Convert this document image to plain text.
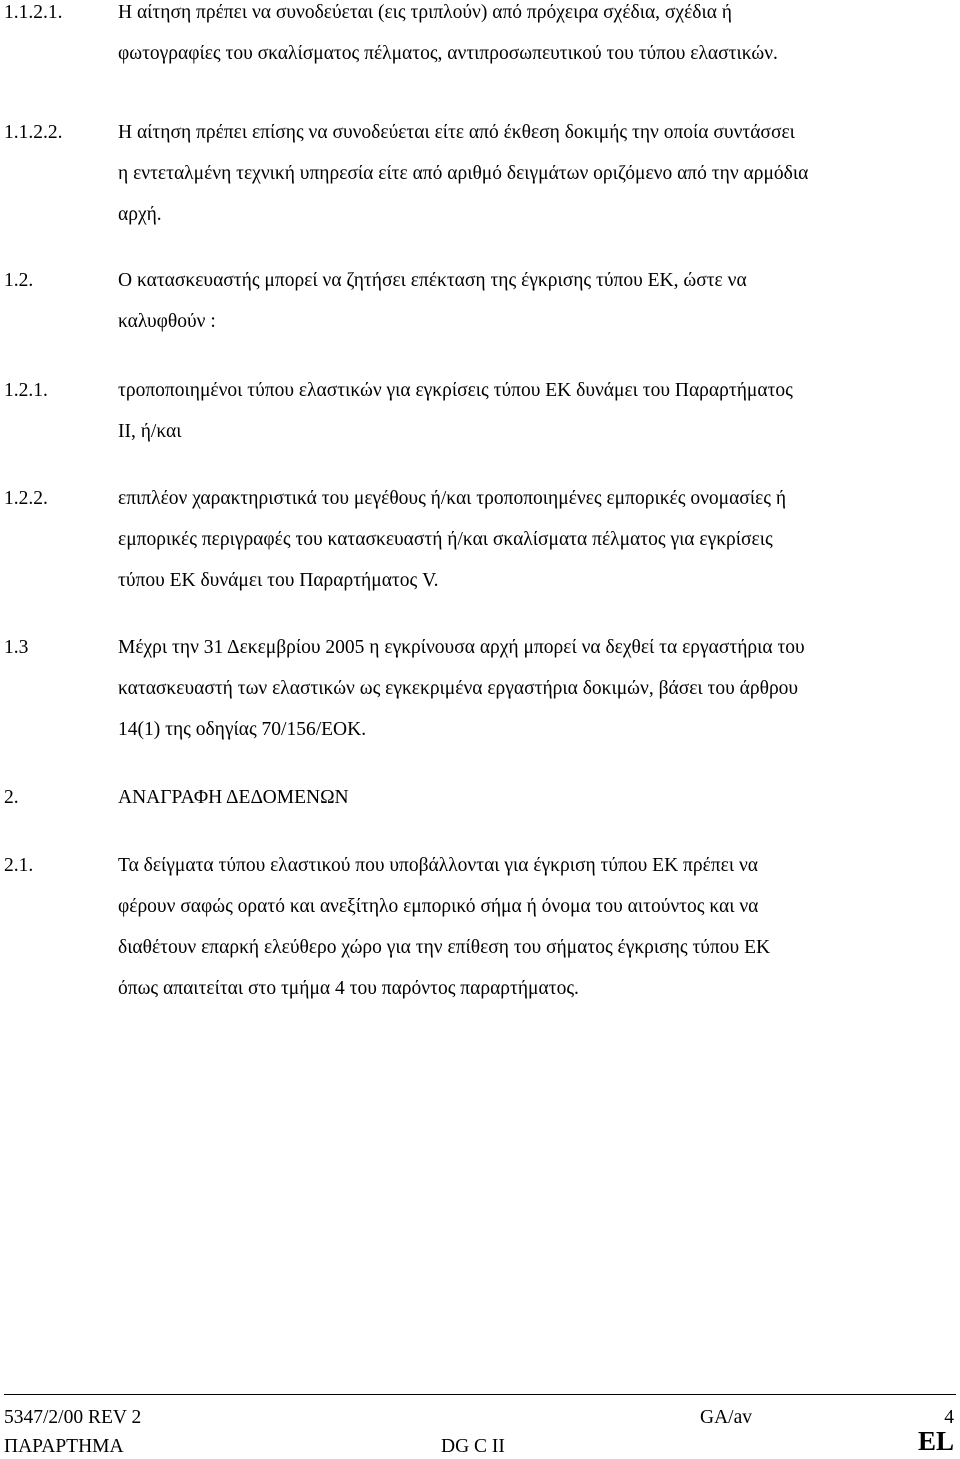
1.1.2.1.	Η αίτηση πρέπει να συνοδεύεται (εις τριπλούν) από πρόχειρα σχέδια, σχέδια ή
φωτογραφίες του σκαλίσματος πέλματος, αντιπροσωπευτικού του τύπου ελαστικών.
1.1.2.2.	Η αίτηση πρέπει επίσης να συνοδεύεται είτε από έκθεση δοκιμής την οποία συντάσσει
η εντεταλμένη τεχνική υπηρεσία είτε από αριθμό δειγμάτων οριζόμενο από την αρμόδια
αρχή.
1.2.	Ο κατασκευαστής μπορεί να ζητήσει επέκταση της έγκρισης τύπου ΕΚ, ώστε να
καλυφθούν :
1.2.1.	τροποποιημένοι τύπου ελαστικών για εγκρίσεις τύπου ΕΚ δυνάμει του Παραρτήματος
ΙΙ, ή/και
1.2.2.	επιπλέον χαρακτηριστικά του μεγέθους ή/και τροποποιημένες εμπορικές ονομασίες ή
εμπορικές περιγραφές του κατασκευαστή ή/και σκαλίσματα πέλματος για εγκρίσεις
τύπου ΕΚ δυνάμει του Παραρτήματος V.
1.3	Μέχρι την 31 Δεκεμβρίου 2005 η εγκρίνουσα αρχή μπορεί να δεχθεί τα εργαστήρια του
κατασκευαστή των ελαστικών ως εγκεκριμένα εργαστήρια δοκιμών, βάσει του άρθρου
14(1) της οδηγίας 70/156/ΕΟΚ.
2.	ΑΝΑΓΡΑΦΗ ΔΕΔΟΜΕΝΩΝ
2.1.	Τα δείγματα τύπου ελαστικού που υποβάλλονται για έγκριση τύπου ΕΚ πρέπει να
φέρουν σαφώς ορατό και ανεξίτηλο εμπορικό σήμα ή όνομα του αιτούντος και να
διαθέτουν επαρκή ελεύθερο χώρο για την επίθεση του σήματος έγκρισης τύπου ΕΚ
όπως απαιτείται στο τμήμα 4 του παρόντος παραρτήματος.
5347/2/00 REV 2	GA/av	4
ΠΑΡΑΡΤΗΜΑ	DG C II	EL
